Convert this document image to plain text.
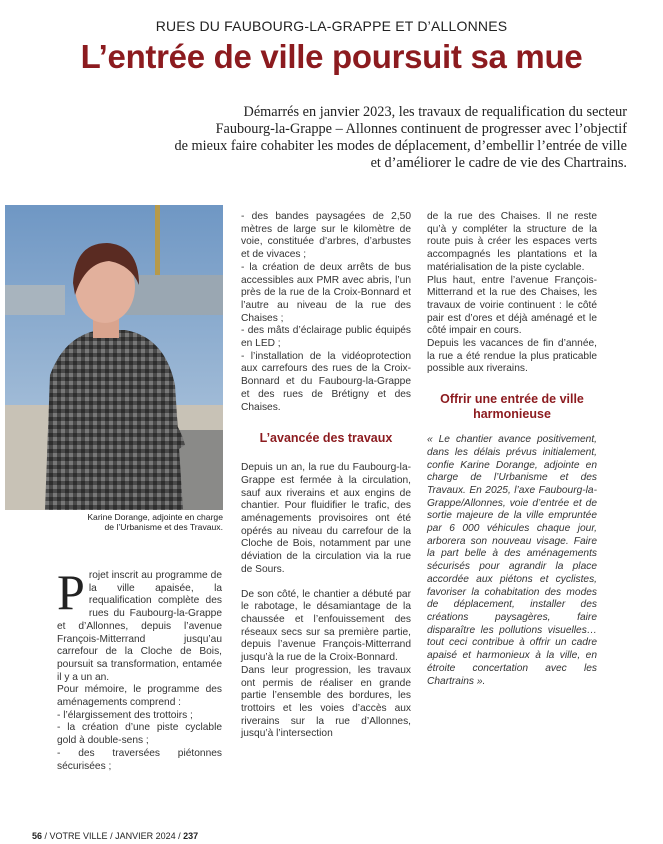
RUES DU FAUBOURG-LA-GRAPPE ET D’ALLONNES
L’entrée de ville poursuit sa mue
Démarrés en janvier 2023, les travaux de requalification du secteur
Faubourg-la-Grappe – Allonnes continuent de progresser avec l’objectif
de mieux faire cohabiter les modes de déplacement, d’embellir l’entrée de ville
et d’améliorer le cadre de vie des Chartrains.
Karine Dorange, adjointe en charge
de l’Urbanisme et des Travaux.

Projet inscrit au programme de la ville apaisée, la requalification complète des rues du Faubourg-la-Grappe et d’Allonnes, depuis l’avenue François-Mitterrand jusqu’au carrefour de la Cloche de Bois, poursuit sa transformation, entamée il y a un an.

Pour mémoire, le programme des aménagements comprend :

- l’élargissement des trottoirs ;

- la création d’une piste cyclable gold à double-sens ;

- des traversées piétonnes sécurisées ;

- des bandes paysagées de 2,50 mètres de large sur le kilomètre de voie, constituée d’arbres, d’arbustes et de vivaces ;

- la création de deux arrêts de bus accessibles aux PMR avec abris, l’un près de la rue de la Croix-Bonnard et l’autre au niveau de la rue des Chaises ;

- des mâts d’éclairage public équipés en LED ;

- l’installation de la vidéoprotection aux carrefours des rues de la Croix-Bonnard et du Faubourg-la-Grappe et des rues de Brétigny et des Chaises.

L’avancée des travaux

Depuis un an, la rue du Faubourg-la-Grappe est fermée à la circulation, sauf aux riverains et aux engins de chantier. Pour fluidifier le trafic, des aménagements provisoires ont été opérés au niveau du carrefour de la Cloche de Bois, notamment par une déviation de la circulation via la rue de Sours.

De son côté, le chantier a débuté par le rabotage, le désamiantage de la chaussée et l’enfouissement des réseaux secs sur sa première partie, depuis l’avenue François-Mitterrand jusqu’à la rue de la Croix-Bonnard.

Dans leur progression, les travaux ont permis de réaliser en grande partie l’ensemble des bordures, les trottoirs et les voies d’accès aux riverains sur la rue d’Allonnes, jusqu’à l’intersection

de la rue des Chaises. Il ne reste qu’à y compléter la structure de la route puis à créer les espaces verts accompagnés les plantations et la matérialisation de la piste cyclable.

Plus haut, entre l’avenue François-Mitterrand et la rue des Chaises, les travaux de voirie continuent : le côté pair est d’ores et déjà aménagé et le côté impair en cours.

Depuis les vacances de fin d’année, la rue a été rendue la plus praticable possible aux riverains.

Offrir une entrée de ville
harmonieuse

« Le chantier avance positivement, dans les délais prévus initialement, confie Karine Dorange, adjointe en charge de l’Urbanisme et des Travaux. En 2025, l’axe Faubourg-la-Grappe/Allonnes, voie d’entrée et de sortie majeure de la ville empruntée par 6 000 véhicules chaque jour, arborera son nouveau visage. Faire la part belle à des aménagements sécurisés pour agrandir la place accordée aux piétons et cyclistes, favoriser la cohabitation des modes de déplacement, installer des créations paysagères, faire disparaître les pollutions visuelles…tout ceci contribue à offrir un cadre apaisé et harmonieux à la ville, en étroite concertation avec les Chartrains ».

56 / VOTRE VILLE / JANVIER 2024 / 237
